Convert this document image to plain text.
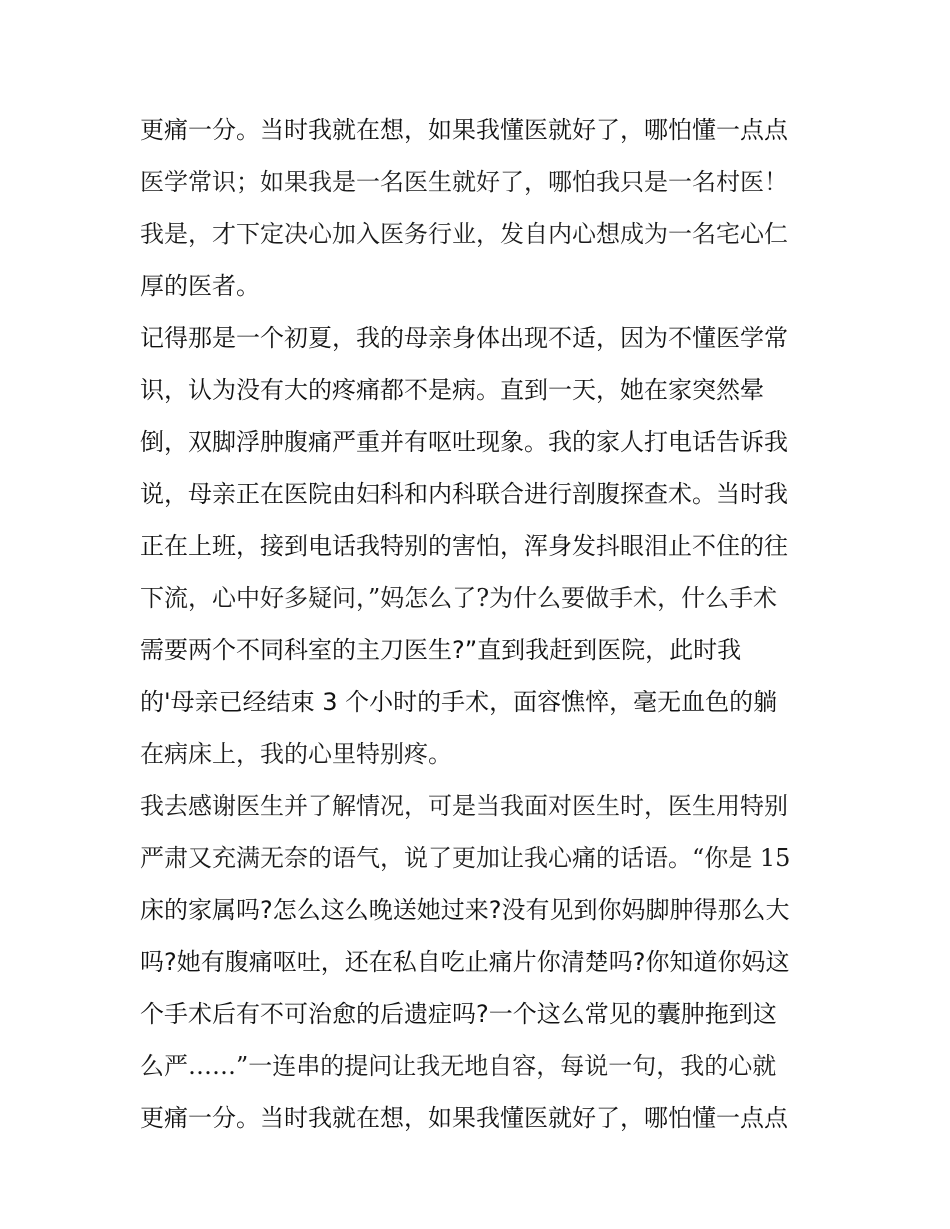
更痛一分。当时我就在想，如果我懂医就好了，哪怕懂一点点
医学常识；如果我是一名医生就好了，哪怕我只是一名村医！
我是，才下定决心加入医务行业，发自内心想成为一名宅心仁
厚的医者。
记得那是一个初夏，我的母亲身体出现不适，因为不懂医学常
识，认为没有大的疼痛都不是病。直到一天，她在家突然晕
倒，双脚浮肿腹痛严重并有呕吐现象。我的家人打电话告诉我
说，母亲正在医院由妇科和内科联合进行剖腹探查术。当时我
正在上班，接到电话我特别的害怕，浑身发抖眼泪止不住的往
下流，心中好多疑问，”妈怎么了?为什么要做手术，什么手术
需要两个不同科室的主刀医生?”直到我赶到医院，此时我
的'母亲已经结束 3 个小时的手术，面容憔悴，毫无血色的躺
在病床上，我的心里特别疼。
我去感谢医生并了解情况，可是当我面对医生时，医生用特别
严肃又充满无奈的语气，说了更加让我心痛的话语。“你是 15
床的家属吗?怎么这么晚送她过来?没有见到你妈脚肿得那么大
吗?她有腹痛呕吐，还在私自吃止痛片你清楚吗?你知道你妈这
个手术后有不可治愈的后遗症吗?一个这么常见的囊肿拖到这
么严……”一连串的提问让我无地自容，每说一句，我的心就
更痛一分。当时我就在想，如果我懂医就好了，哪怕懂一点点
